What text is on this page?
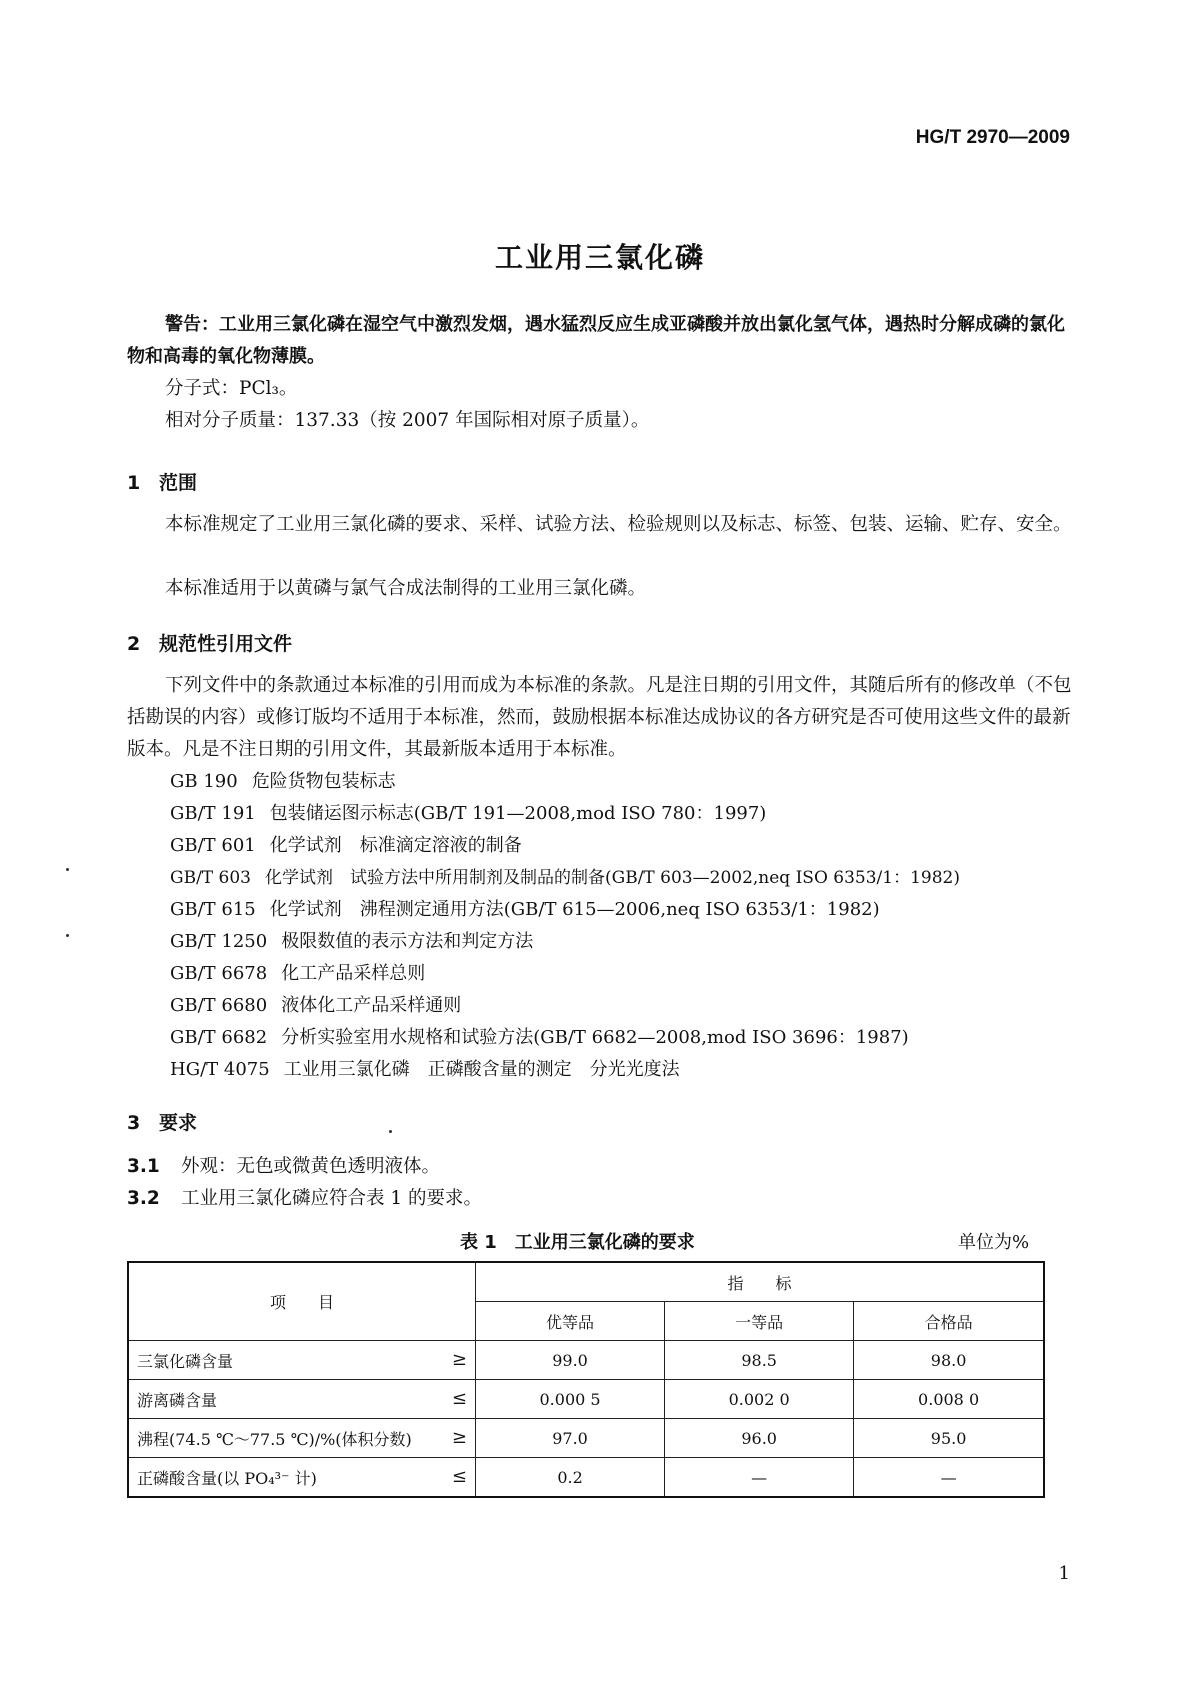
HG/T 2970—2009
工业用三氯化磷
警告：工业用三氯化磷在湿空气中激烈发烟，遇水猛烈反应生成亚磷酸并放出氯化氢气体，遇热时分解成磷的氯化物和高毒的氧化物薄膜。
分子式：PCl₃。
相对分子质量：137.33（按 2007 年国际相对原子质量）。
1 范围
本标准规定了工业用三氯化磷的要求、采样、试验方法、检验规则以及标志、标签、包装、运输、贮存、安全。
本标准适用于以黄磷与氯气合成法制得的工业用三氯化磷。
2 规范性引用文件
下列文件中的条款通过本标准的引用而成为本标准的条款。凡是注日期的引用文件，其随后所有的修改单（不包括勘误的内容）或修订版均不适用于本标准，然而，鼓励根据本标准达成协议的各方研究是否可使用这些文件的最新版本。凡是不注日期的引用文件，其最新版本适用于本标准。
GB 190 危险货物包装标志
GB/T 191 包装储运图示标志(GB/T 191—2008,mod ISO 780：1997)
GB/T 601 化学试剂　标准滴定溶液的制备
GB/T 603 化学试剂　试验方法中所用制剂及制品的制备(GB/T 603—2002,neq ISO 6353/1：1982)
GB/T 615 化学试剂　沸程测定通用方法(GB/T 615—2006,neq ISO 6353/1：1982)
GB/T 1250 极限数值的表示方法和判定方法
GB/T 6678 化工产品采样总则
GB/T 6680 液体化工产品采样通则
GB/T 6682 分析实验室用水规格和试验方法(GB/T 6682—2008,mod ISO 3696：1987)
HG/T 4075 工业用三氯化磷　正磷酸含量的测定　分光光度法
3 要求
3.1 外观：无色或微黄色透明液体。
3.2 工业用三氯化磷应符合表 1 的要求。
表 1　工业用三氯化磷的要求	单位为%
项　　目	指　　标		
	优等品	一等品	合格品
三氯化磷含量 ≥	99.0	98.5	98.0
游离磷含量 ≤	0.000 5	0.002 0	0.008 0
沸程(74.5 ℃～77.5 ℃)/%(体积分数) ≥	97.0	96.0	95.0
正磷酸含量(以 PO₄³⁻ 计) ≤	0.2	—	—
1
